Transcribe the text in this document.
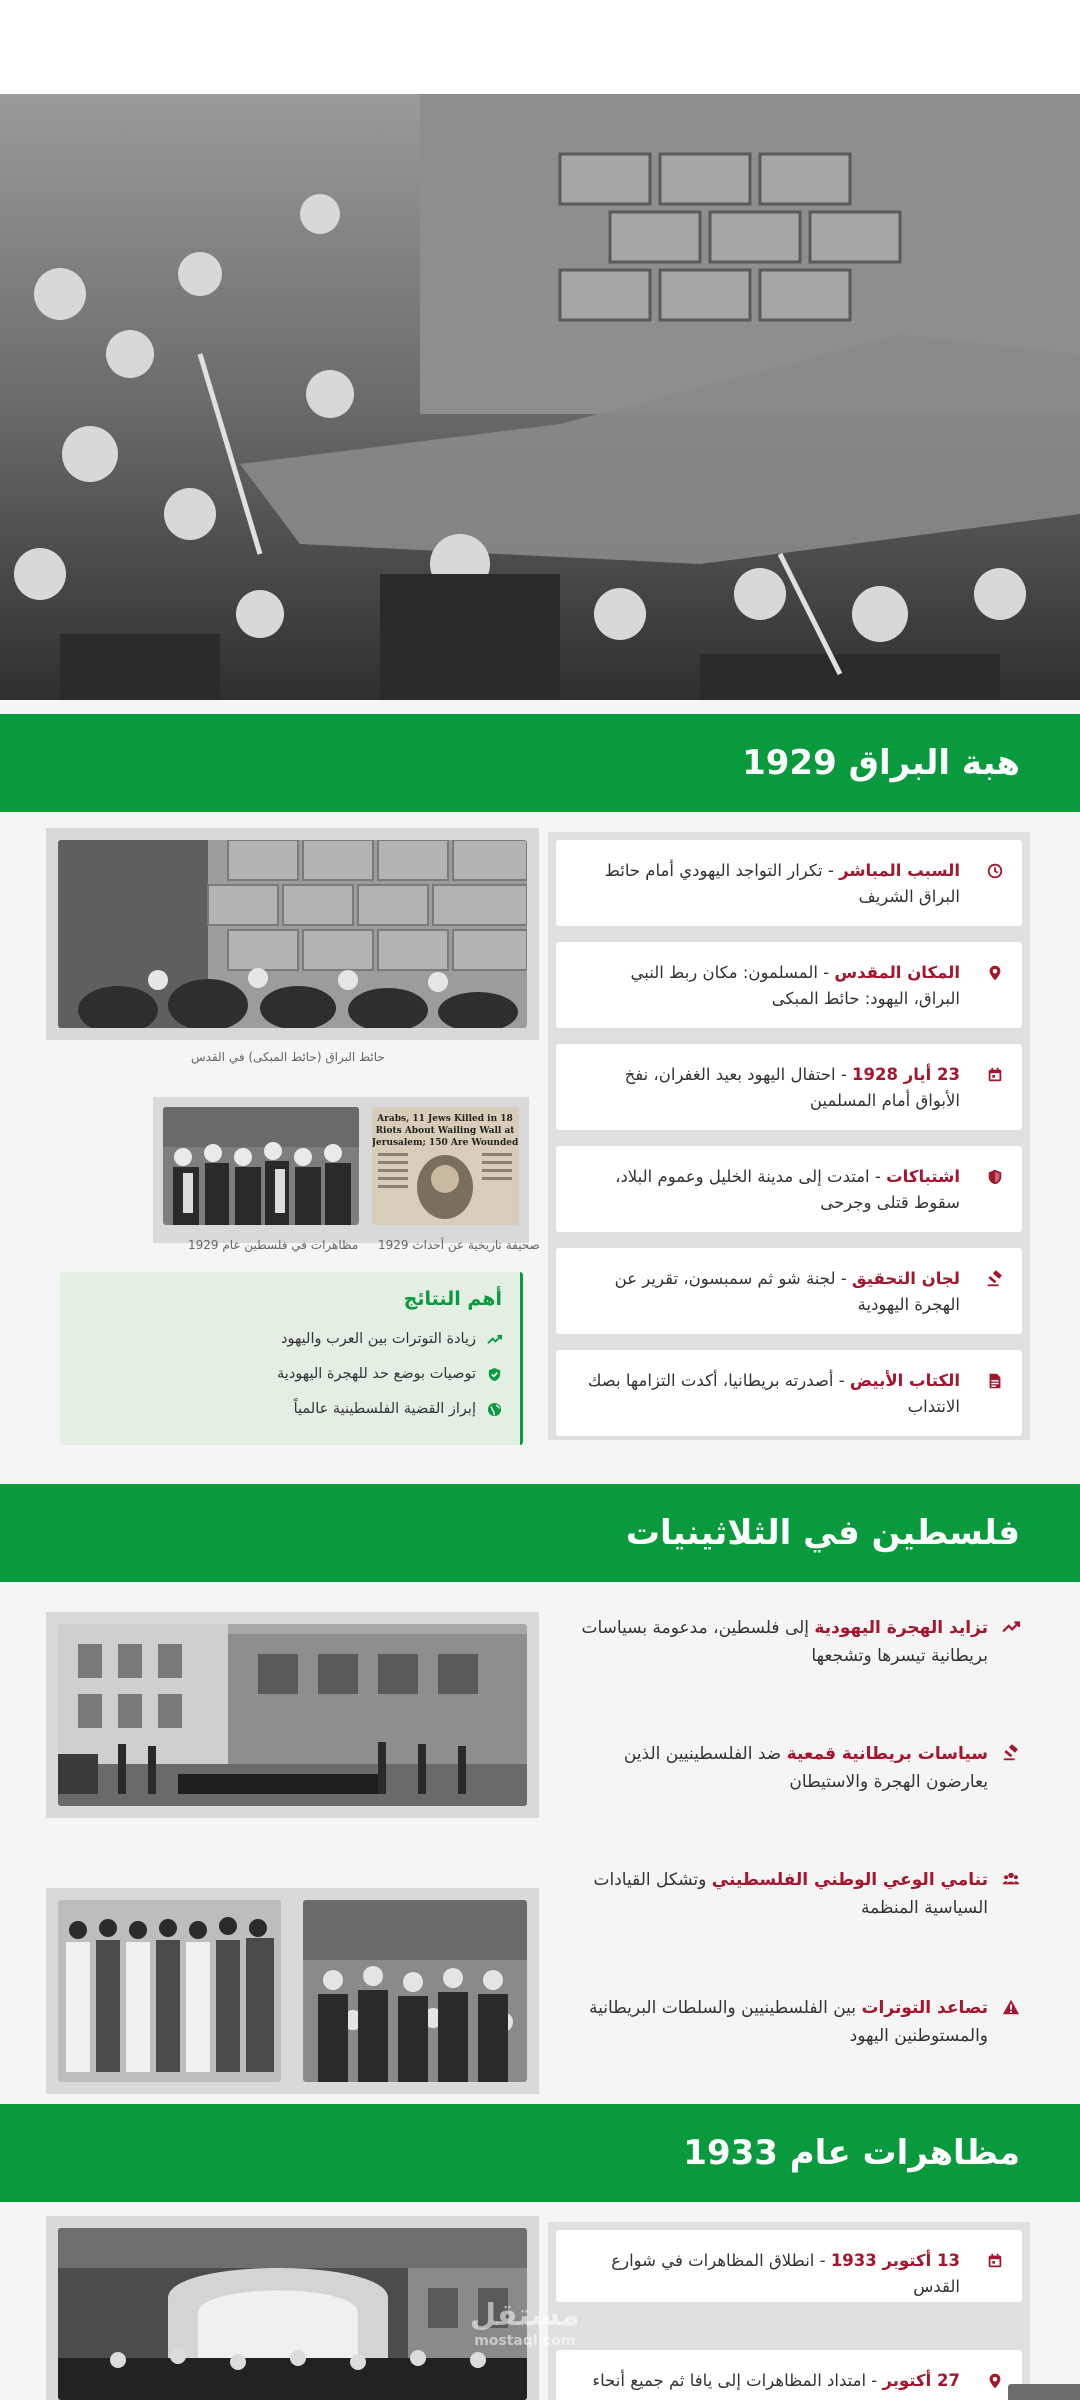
هبة البراق 1929

السبب المباشر - تكرار التواجد اليهودي أمام حائط البراق الشريف

المكان المقدس - المسلمون: مكان ربط النبي البراق، اليهود: حائط المبكى

23 أيار 1928 - احتفال اليهود بعيد الغفران، نفخ الأبواق أمام المسلمين

اشتباكات - امتدت إلى مدينة الخليل وعموم البلاد، سقوط قتلى وجرحى

لجان التحقيق - لجنة شو ثم سمبسون، تقرير عن الهجرة اليهودية

الكتاب الأبيض - أصدرته بريطانيا، أكدت التزامها بصك الانتداب

حائط البراق (حائط المبكى) في القدس
18 Arabs, 11 Jews Killed in
Riots About Wailing Wall at
Jerusalem; 150 Are Wounded
صحيفة تاريخية عن أحداث 1929
مظاهرات في فلسطين عام 1929
أهم النتائج
زيادة التوترات بين العرب واليهود
توصيات بوضع حد للهجرة اليهودية
إبراز القضية الفلسطينية عالمياً
فلسطين في الثلاثينيات

تزايد الهجرة اليهودية إلى فلسطين، مدعومة بسياسات بريطانية تيسرها وتشجعها

سياسات بريطانية قمعية ضد الفلسطينيين الذين يعارضون الهجرة والاستيطان

تنامي الوعي الوطني الفلسطيني وتشكل القيادات السياسية المنظمة

تصاعد التوترات بين الفلسطينيين والسلطات البريطانية والمستوطنين اليهود

مظاهرات عام 1933

13 أكتوبر 1933 - انطلاق المظاهرات في شوارع القدس

27 أكتوبر - امتداد المظاهرات إلى يافا ثم جميع أنحاء

مستقل
mostaql.com
